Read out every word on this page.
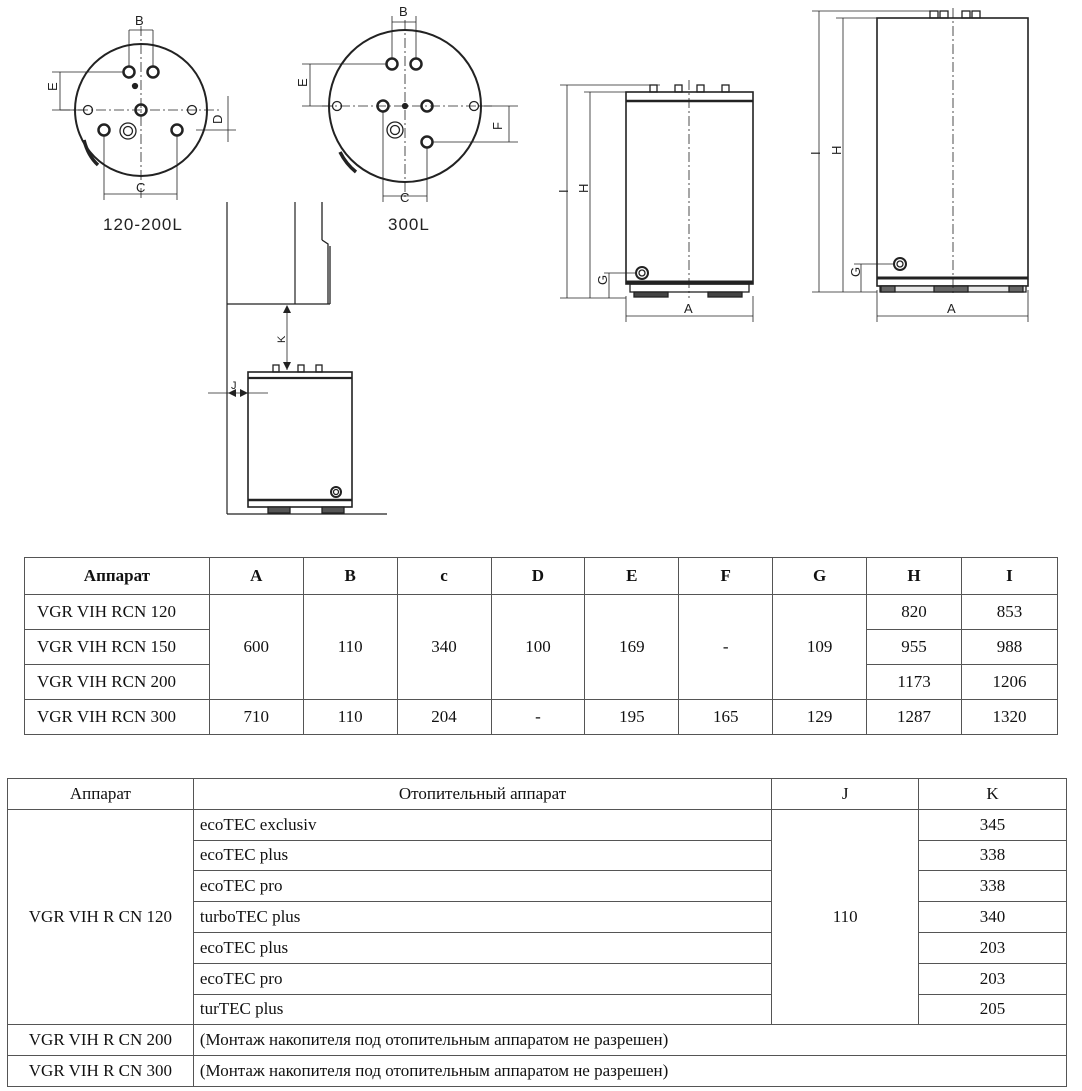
B
E
D
C
B
E
F
C	I H
G
A
I H
G
A
K
J
120-200L	300L
Аппарат	A	B	c	D	E	F	G	H	I
VGR VIH RCN 120	600	110	340	100	169	-	109	820	853
VGR VIH RCN 150								955	988
VGR VIH RCN 200								1173	1206
VGR VIH RCN 300	710	110	204	-	195	165	129	1287	1320
Аппарат	Отопительный аппарат	J	K
VGR VIH R CN 120	ecoTEC exclusiv	110	345
	ecoTEC plus		338
	ecoTEC pro		338
	turboTEC plus		340
	ecoTEC plus		203
	ecoTEC pro		203
	turTEC plus		205
VGR VIH R CN 200	(Монтаж накопителя под отопительным аппаратом не разрешен)		
VGR VIH R CN 300	(Монтаж накопителя под отопительным аппаратом не разрешен)		
